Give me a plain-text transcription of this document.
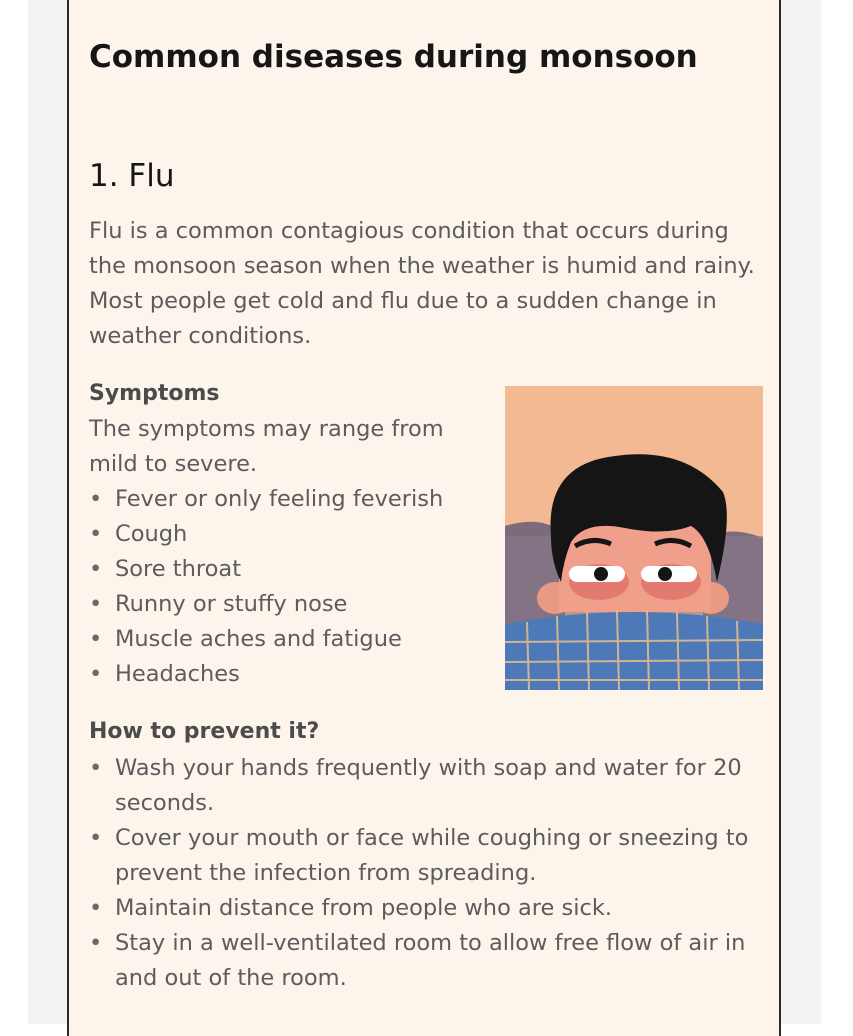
Common diseases during monsoon
1. Flu

Flu is a common contagious condition that occurs during the monsoon season when the weather is humid and rainy. Most people get cold and flu due to a sudden change in weather conditions.

Symptoms

The symptoms may range from mild to severe.

• Fever or only feeling feverish
• Cough
• Sore throat
• Runny or stuffy nose
• Muscle aches and fatigue
• Headaches
How to prevent it?
• Wash your hands frequently with soap and water for 20 seconds.
• Cover your mouth or face while coughing or sneezing to prevent the infection from spreading.
• Maintain distance from people who are sick.
• Stay in a well-ventilated room to allow free flow of air in and out of the room.
